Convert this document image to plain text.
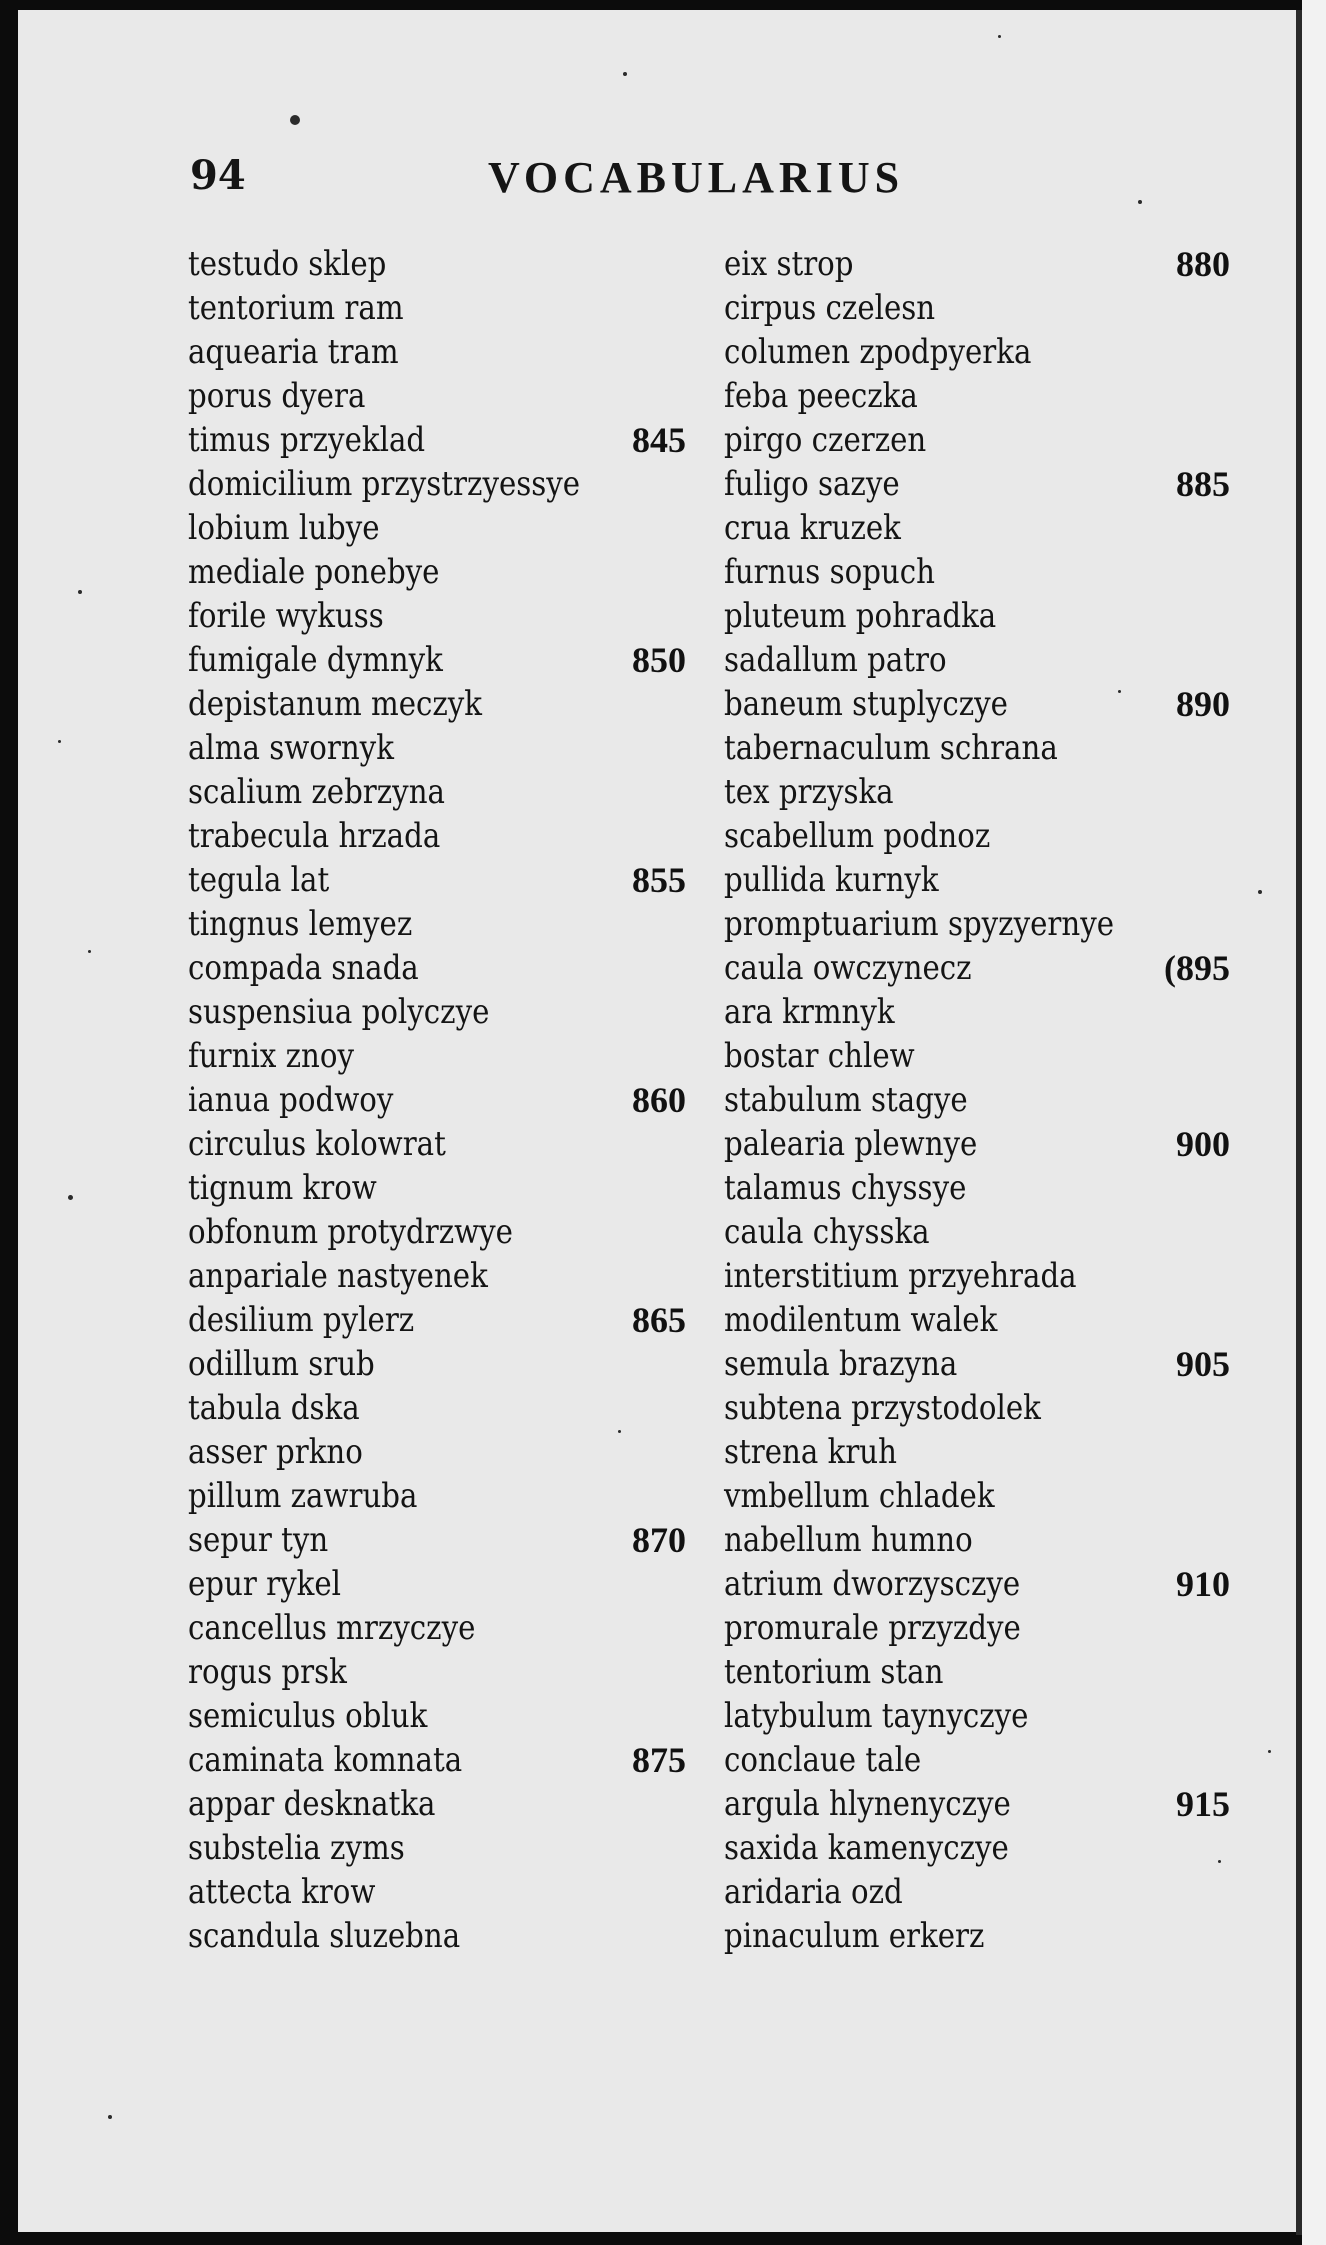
94	VOCABULARIUS
testudo sklep
tentorium ram
aquearia tram
porus dyera
timus przyeklad	845
domicilium przystrzyessye
lobium lubye
mediale ponebye
forile wykuss
fumigale dymnyk	850
depistanum meczyk
alma swornyk
scalium zebrzyna
trabecula hrzada
tegula lat	855
tingnus lemyez
compada snada
suspensiua polyczye
furnix znoy
ianua podwoy	860
circulus kolowrat
tignum krow
obfonum protydrzwye
anpariale nastyenek
desilium pylerz	865
odillum srub
tabula dska
asser prkno
pillum zawruba
sepur tyn	870
epur rykel
cancellus mrzyczye
rogus prsk
semiculus obluk
caminata komnata	875
appar desknatka
substelia zyms
attecta krow
scandula sluzebna
eix strop	880
cirpus czelesn
columen zpodpyerka
feba peeczka
pirgo czerzen
fuligo sazye	885
crua kruzek
furnus sopuch
pluteum pohradka
sadallum patro
baneum stuplyczye	890
tabernaculum schrana
tex przyska
scabellum podnoz
pullida kurnyk
promptuarium spyzyernye
caula owczynecz	(895
ara krmnyk
bostar chlew
stabulum stagye
palearia plewnye	900
talamus chyssye
caula chysska
interstitium przyehrada
modilentum walek
semula brazyna	905
subtena przystodolek
strena kruh
vmbellum chladek
nabellum humno
atrium dworzysczye	910
promurale przyzdye
tentorium stan
latybulum taynyczye
conclaue tale
argula hlynenyczye	915
saxida kamenyczye
aridaria ozd
pinaculum erkerz
